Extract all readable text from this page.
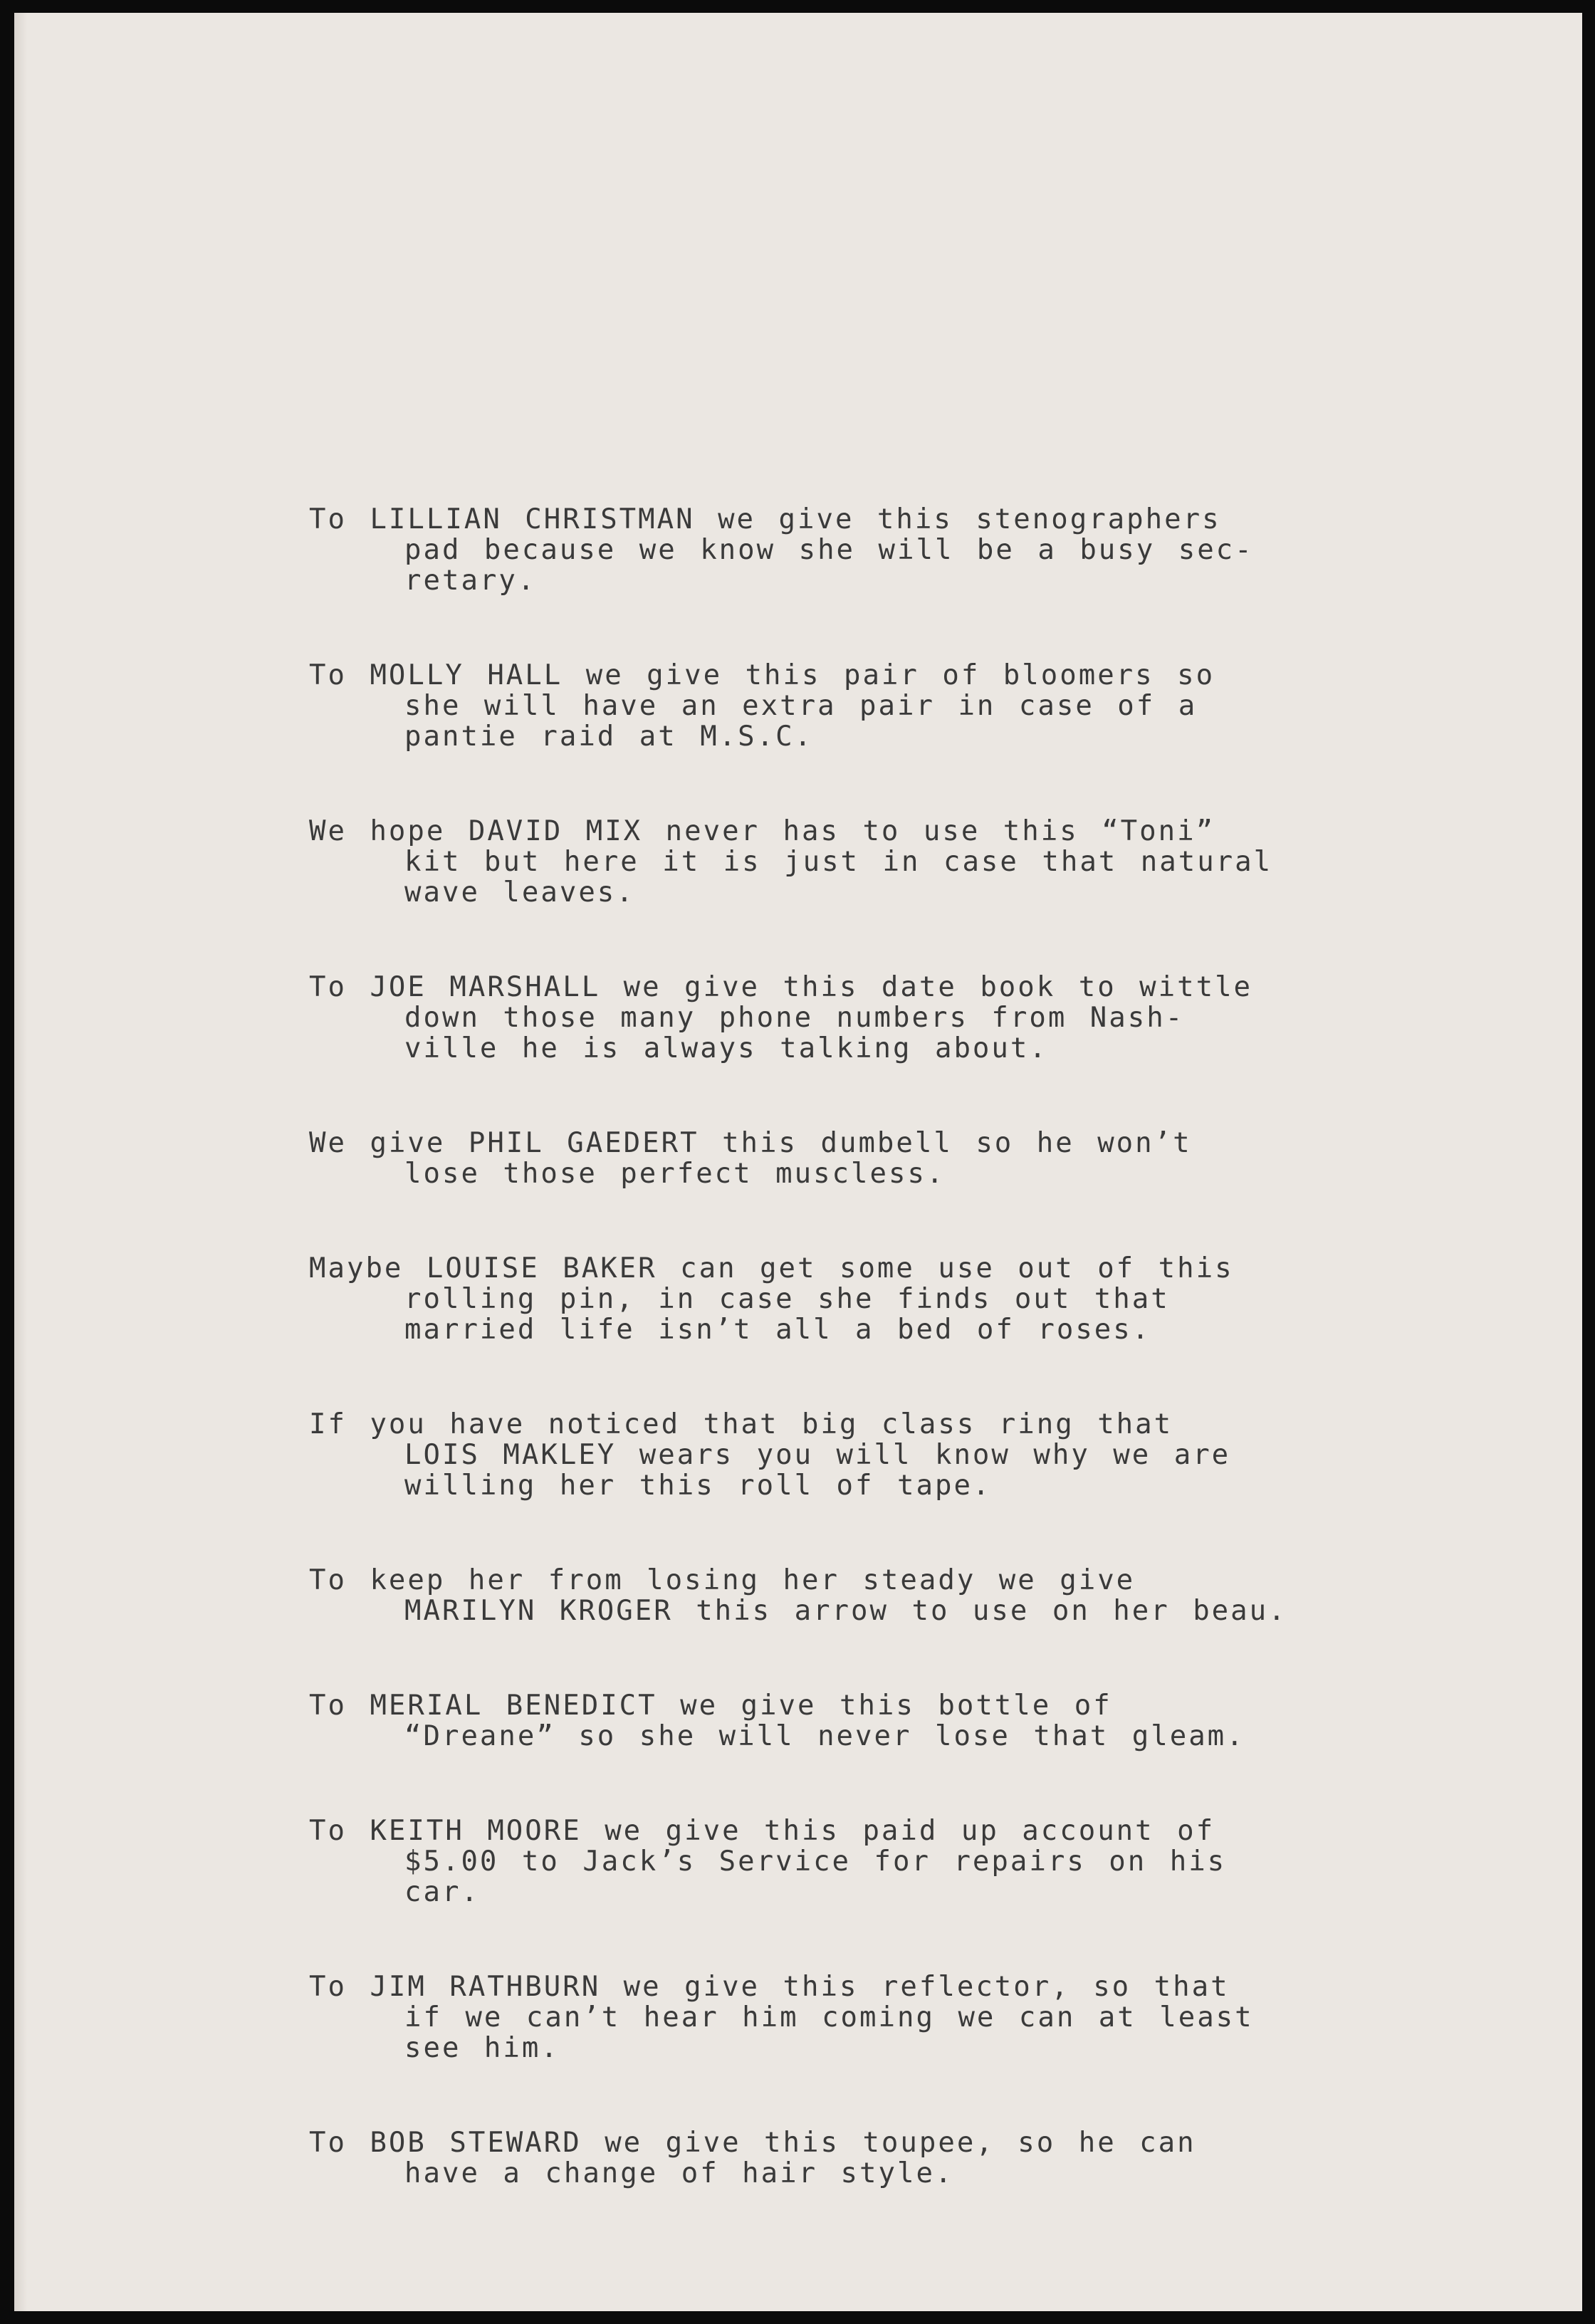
To LILLIAN CHRISTMAN we give this stenographers
pad because we know she will be a busy sec-
retary.
To MOLLY HALL we give this pair of bloomers so
she will have an extra pair in case of a
pantie raid at M.S.C.
We hope DAVID MIX never has to use this “Toni”
kit but here it is just in case that natural
wave leaves.
To JOE MARSHALL we give this date book to wittle
down those many phone numbers from Nash-
ville he is always talking about.
We give PHIL GAEDERT this dumbell so he won’t
lose those perfect muscless.
Maybe LOUISE BAKER can get some use out of this
rolling pin, in case she finds out that
married life isn’t all a bed of roses.
If you have noticed that big class ring that
LOIS MAKLEY wears you will know why we are
willing her this roll of tape.
To keep her from losing her steady we give
MARILYN KROGER this arrow to use on her beau.
To MERIAL BENEDICT we give this bottle of
“Dreane” so she will never lose that gleam.
To KEITH MOORE we give this paid up account of
$5.00 to Jack’s Service for repairs on his
car.
To JIM RATHBURN we give this reflector, so that
if we can’t hear him coming we can at least
see him.
To BOB STEWARD we give this toupee, so he can
have a change of hair style.
